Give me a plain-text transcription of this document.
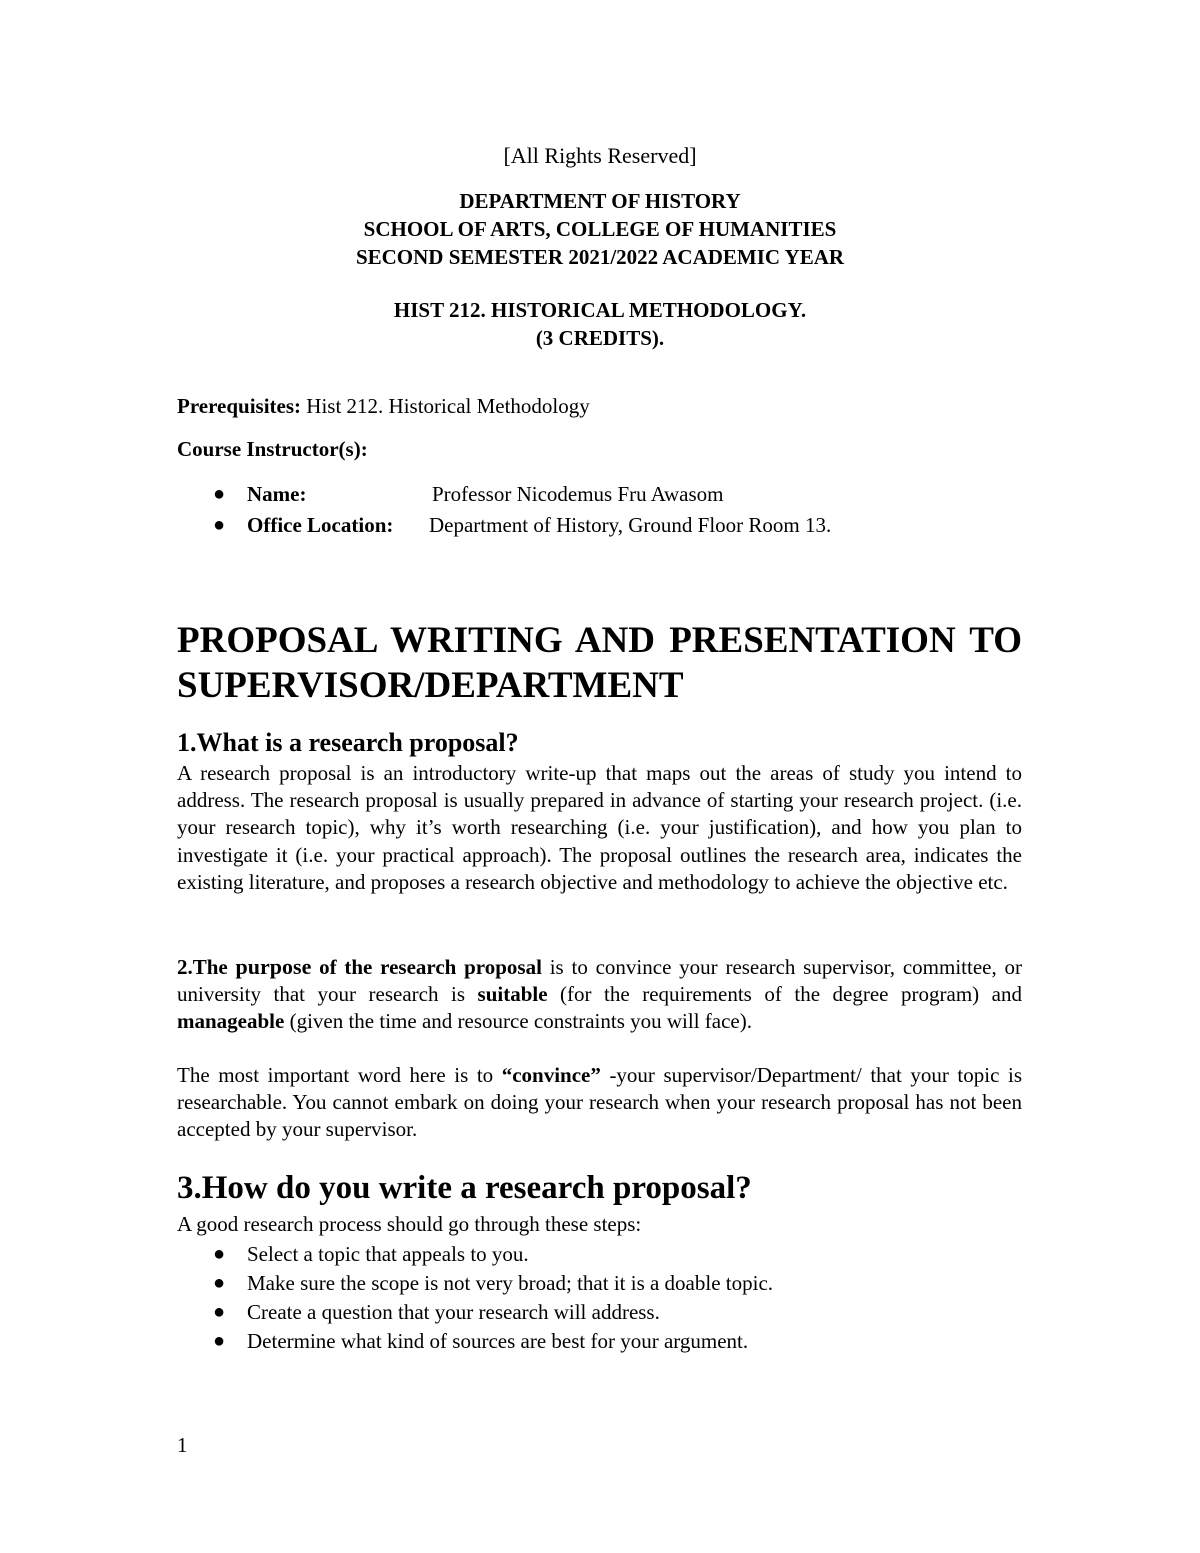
[All Rights Reserved]
DEPARTMENT OF HISTORY
SCHOOL OF ARTS, COLLEGE OF HUMANITIES
SECOND SEMESTER 2021/2022 ACADEMIC YEAR
HIST 212. HISTORICAL METHODOLOGY.
(3 CREDITS).
Prerequisites: Hist 212. Historical Methodology
Course Instructor(s):
● Name:	Professor Nicodemus Fru Awasom
● Office Location: Department of History, Ground Floor Room 13.
PROPOSAL WRITING AND PRESENTATION TO
SUPERVISOR/DEPARTMENT
1.What is a research proposal?
A research proposal is an introductory write-up that maps out the areas of study you intend to address. The research proposal is usually prepared in advance of starting your research project. (i.e. your research topic), why it’s worth researching (i.e. your justification), and how you plan to investigate it (i.e. your practical approach). The proposal outlines the research area, indicates the existing literature, and proposes a research objective and methodology to achieve the objective etc.
2.The purpose of the research proposal is to convince your research supervisor, committee, or university that your research is suitable (for the requirements of the degree program) and manageable (given the time and resource constraints you will face).
The most important word here is to “convince” -your supervisor/Department/ that your topic is researchable. You cannot embark on doing your research when your research proposal has not been accepted by your supervisor.
3.How do you write a research proposal?
A good research process should go through these steps:
● Select a topic that appeals to you.
● Make sure the scope is not very broad; that it is a doable topic.
● Create a question that your research will address.
● Determine what kind of sources are best for your argument.
1
